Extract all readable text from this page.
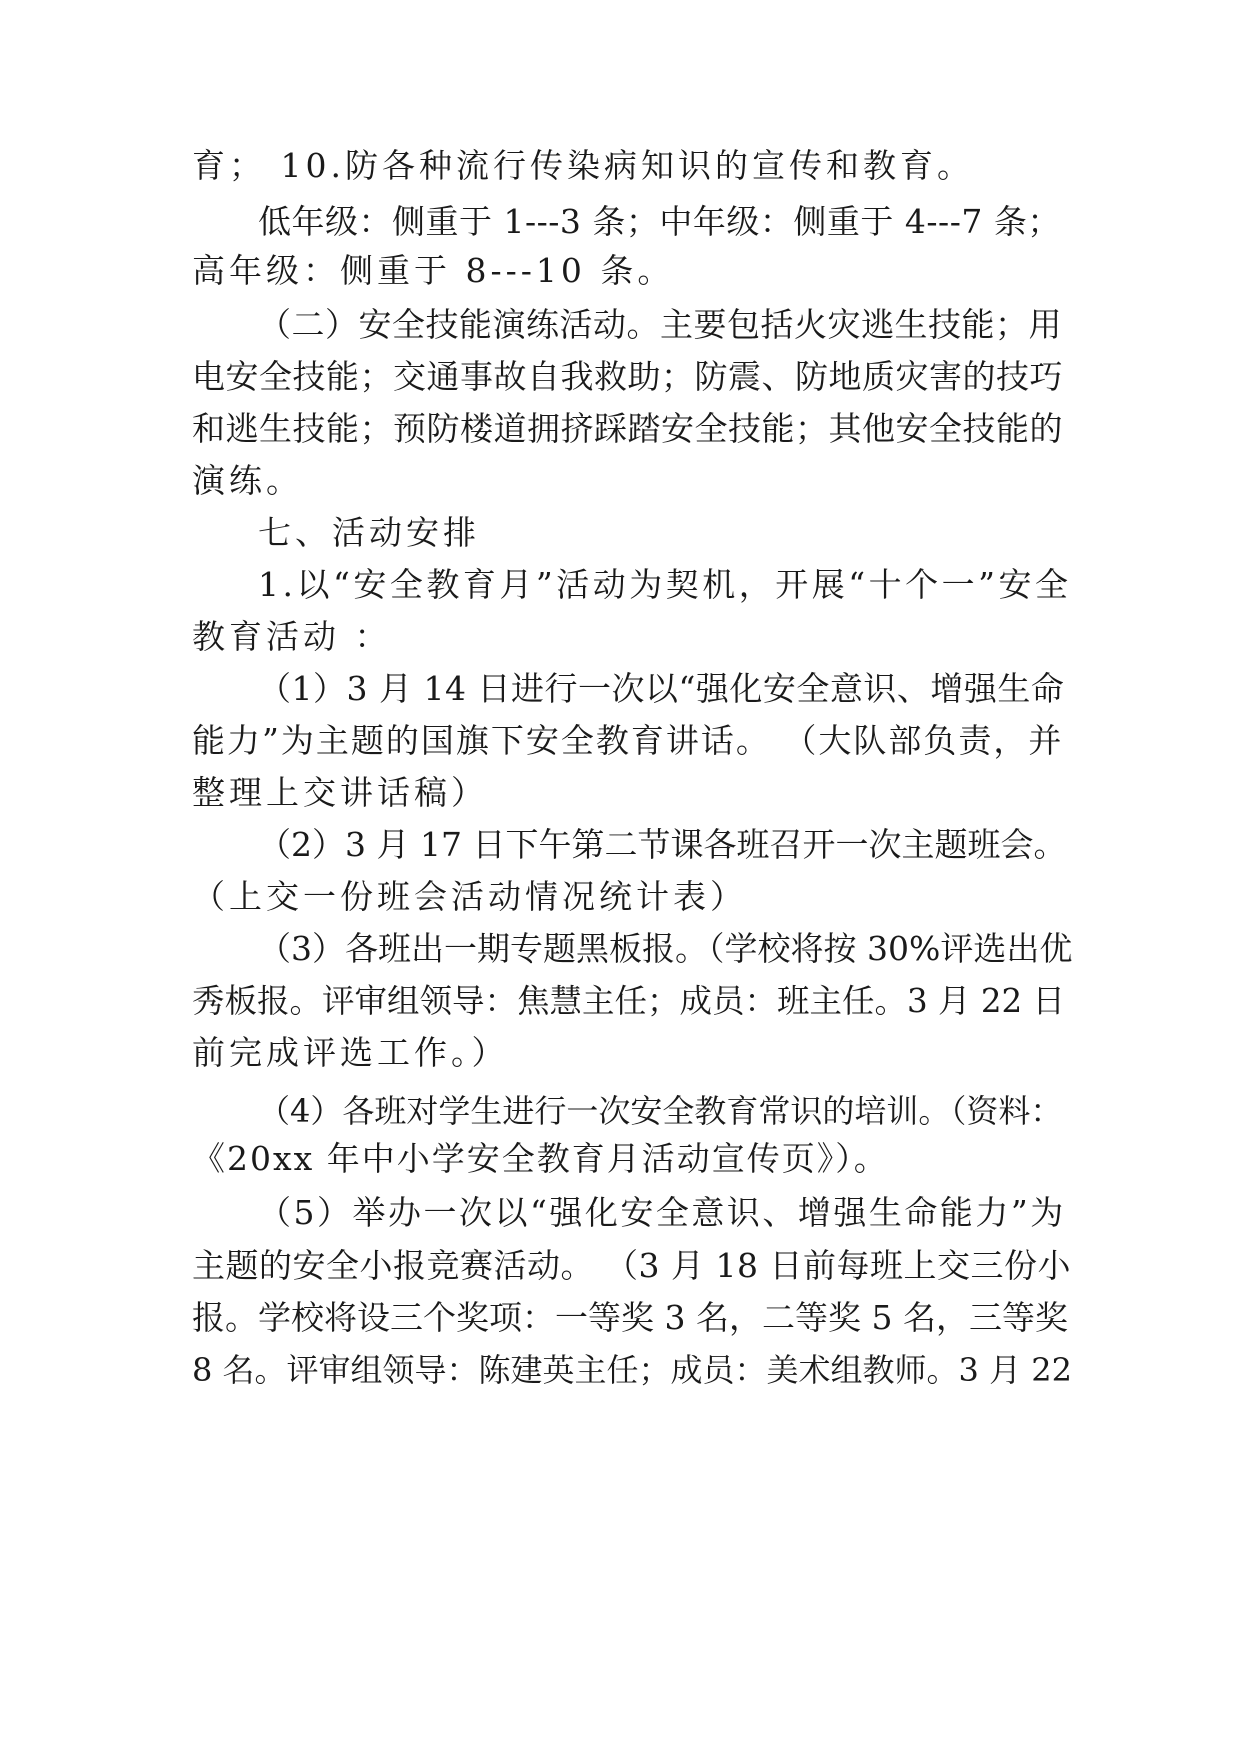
育； 10.防各种流行传染病知识的宣传和教育。
低年级：侧重于 1---3 条；中年级：侧重于 4---7 条；
高年级：侧重于 8---10 条。
（二）安全技能演练活动。主要包括火灾逃生技能；用
电安全技能；交通事故自我救助；防震、防地质灾害的技巧
和逃生技能；预防楼道拥挤踩踏安全技能；其他安全技能的
演练。
七、活动安排
1.以“安全教育月”活动为契机，开展“十个一”安全
教育活动 ：
（1）3 月 14 日进行一次以“强化安全意识、增强生命
能力”为主题的国旗下安全教育讲话。 （大队部负责，并
整理上交讲话稿）
（2）3 月 17 日下午第二节课各班召开一次主题班会。
（上交一份班会活动情况统计表）
（3）各班出一期专题黑板报。（学校将按 30%评选出优
秀板报。评审组领导：焦慧主任；成员：班主任。3 月 22 日
前完成评选工作。）
（4）各班对学生进行一次安全教育常识的培训。（资料：
《20xx 年中小学安全教育月活动宣传页》）。
（5）举办一次以“强化安全意识、增强生命能力”为
主题的安全小报竞赛活动。 （3 月 18 日前每班上交三份小
报。学校将设三个奖项：一等奖 3 名，二等奖 5 名，三等奖
8 名。评审组领导：陈建英主任；成员：美术组教师。3 月 22
